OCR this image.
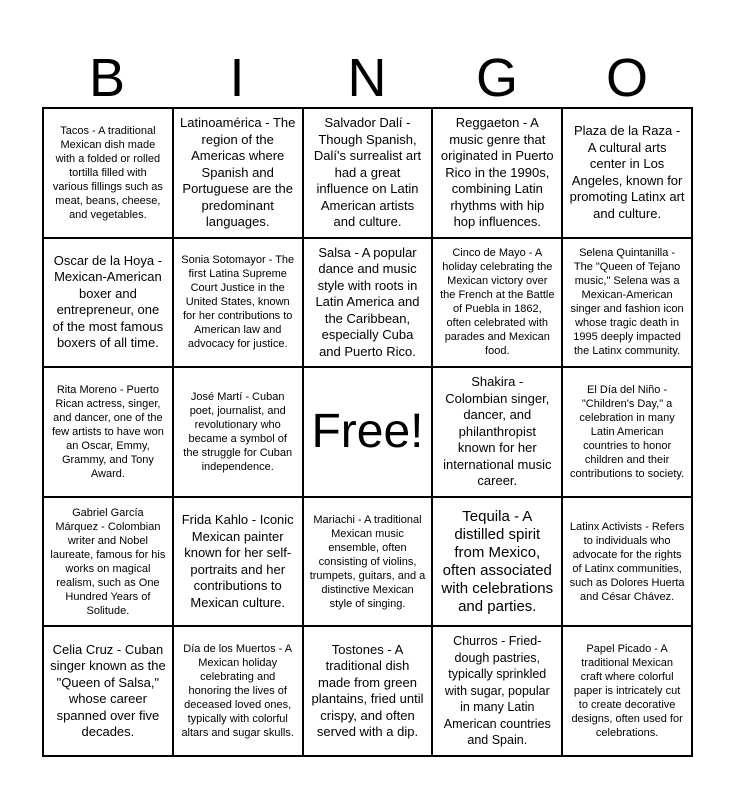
B	I	N	G	O
Tacos - A traditional Mexican dish made with a folded or rolled tortilla filled with various fillings such as meat, beans, cheese, and vegetables.
Latinoamérica - The region of the Americas where Spanish and Portuguese are the predominant languages.
Salvador Dalí - Though Spanish, Dalí's surrealist art had a great influence on Latin American artists and culture.
Reggaeton - A music genre that originated in Puerto Rico in the 1990s, combining Latin rhythms with hip hop influences.
Plaza de la Raza - A cultural arts center in Los Angeles, known for promoting Latinx art and culture.
Oscar de la Hoya - Mexican-American boxer and entrepreneur, one of the most famous boxers of all time.
Sonia Sotomayor - The first Latina Supreme Court Justice in the United States, known for her contributions to American law and advocacy for justice.
Salsa - A popular dance and music style with roots in Latin America and the Caribbean, especially Cuba and Puerto Rico.
Cinco de Mayo - A holiday celebrating the Mexican victory over the French at the Battle of Puebla in 1862, often celebrated with parades and Mexican food.
Selena Quintanilla - The "Queen of Tejano music," Selena was a Mexican-American singer and fashion icon whose tragic death in 1995 deeply impacted the Latinx community.
Rita Moreno - Puerto Rican actress, singer, and dancer, one of the few artists to have won an Oscar, Emmy, Grammy, and Tony Award.
José Martí - Cuban poet, journalist, and revolutionary who became a symbol of the struggle for Cuban independence.
Free!
Shakira - Colombian singer, dancer, and philanthropist known for her international music career.
El Día del Niño - "Children's Day," a celebration in many Latin American countries to honor children and their contributions to society.
Gabriel García Márquez - Colombian writer and Nobel laureate, famous for his works on magical realism, such as One Hundred Years of Solitude.
Frida Kahlo - Iconic Mexican painter known for her self-portraits and her contributions to Mexican culture.
Mariachi - A traditional Mexican music ensemble, often consisting of violins, trumpets, guitars, and a distinctive Mexican style of singing.
Tequila - A distilled spirit from Mexico, often associated with celebrations and parties.
Latinx Activists - Refers to individuals who advocate for the rights of Latinx communities, such as Dolores Huerta and César Chávez.
Celia Cruz - Cuban singer known as the "Queen of Salsa," whose career spanned over five decades.
Día de los Muertos - A Mexican holiday celebrating and honoring the lives of deceased loved ones, typically with colorful altars and sugar skulls.
Tostones - A traditional dish made from green plantains, fried until crispy, and often served with a dip.
Churros - Fried-dough pastries, typically sprinkled with sugar, popular in many Latin American countries and Spain.
Papel Picado - A traditional Mexican craft where colorful paper is intricately cut to create decorative designs, often used for celebrations.
